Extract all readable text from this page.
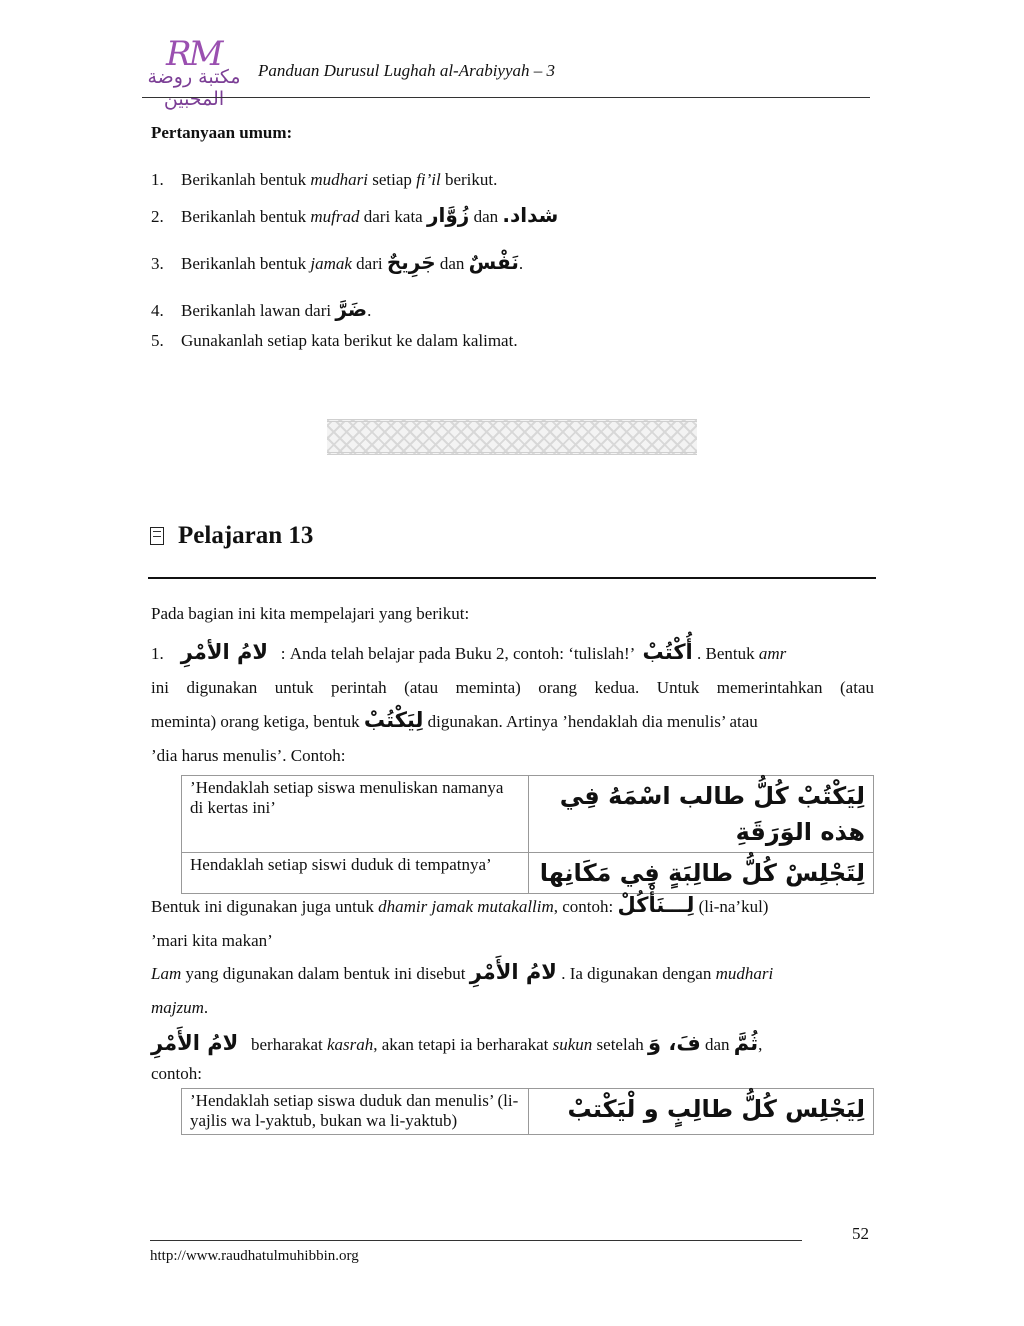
RM
مكتبة روضة المحبين
Panduan Durusul Lughah al-Arabiyyah – 3
Pertanyaan umum:
1. Berikanlah bentuk mudhari setiap fi’il berikut.
2. Berikanlah bentuk mufrad dari kata زُوَّار dan شداد.
3. Berikanlah bentuk jamak dari جَرِيحٌ dan نَفْسٌ.
4. Berikanlah lawan dari ضَرَّ.
5. Gunakanlah setiap kata berikut ke dalam kalimat.
Pelajaran 13
Pada bagian ini kita mempelajari yang berikut:
1. لامُ الأمْرِ   : Anda telah belajar pada Buku 2, contoh: ‘tulislah!’  أُكْتُبْ . Bentuk amr
ini digunakan untuk perintah (atau meminta) orang kedua. Untuk memerintahkan (atau
meminta) orang ketiga, bentuk لِيَكْتُبْ digunakan. Artinya ’hendaklah dia menulis’ atau
’dia harus menulis’. Contoh:
’Hendaklah setiap siswa menuliskan namanya di kertas ini’	لِيَكْتُبْ كُلُّ طالب اسْمَهُ فِي هذه الوَرَقَةِ
Hendaklah setiap siswi duduk di tempatnya’	لِتَجْلِسْ كُلُّ طالِبَةٍ فِي مَكَانِها
Bentuk ini digunakan juga untuk dhamir jamak mutakallim, contoh: لِـــنَأْكُلْ (li-na’kul)
’mari kita makan’
Lam yang digunakan dalam bentuk ini disebut لامُ الأَمْرِ . Ia digunakan dengan mudhari
majzum.
لامُ الأَمْرِ   berharakat kasrah, akan tetapi ia berharakat sukun setelah فَ، وَ dan ثُمَّ,
contoh:
’Hendaklah setiap siswa duduk dan menulis’ (li-yajlis wa l-yaktub, bukan wa li-yaktub)	لِيَجْلِس كُلُّ طالِبٍ و لْيَكْتبْ
52
http://www.raudhatulmuhibbin.org
